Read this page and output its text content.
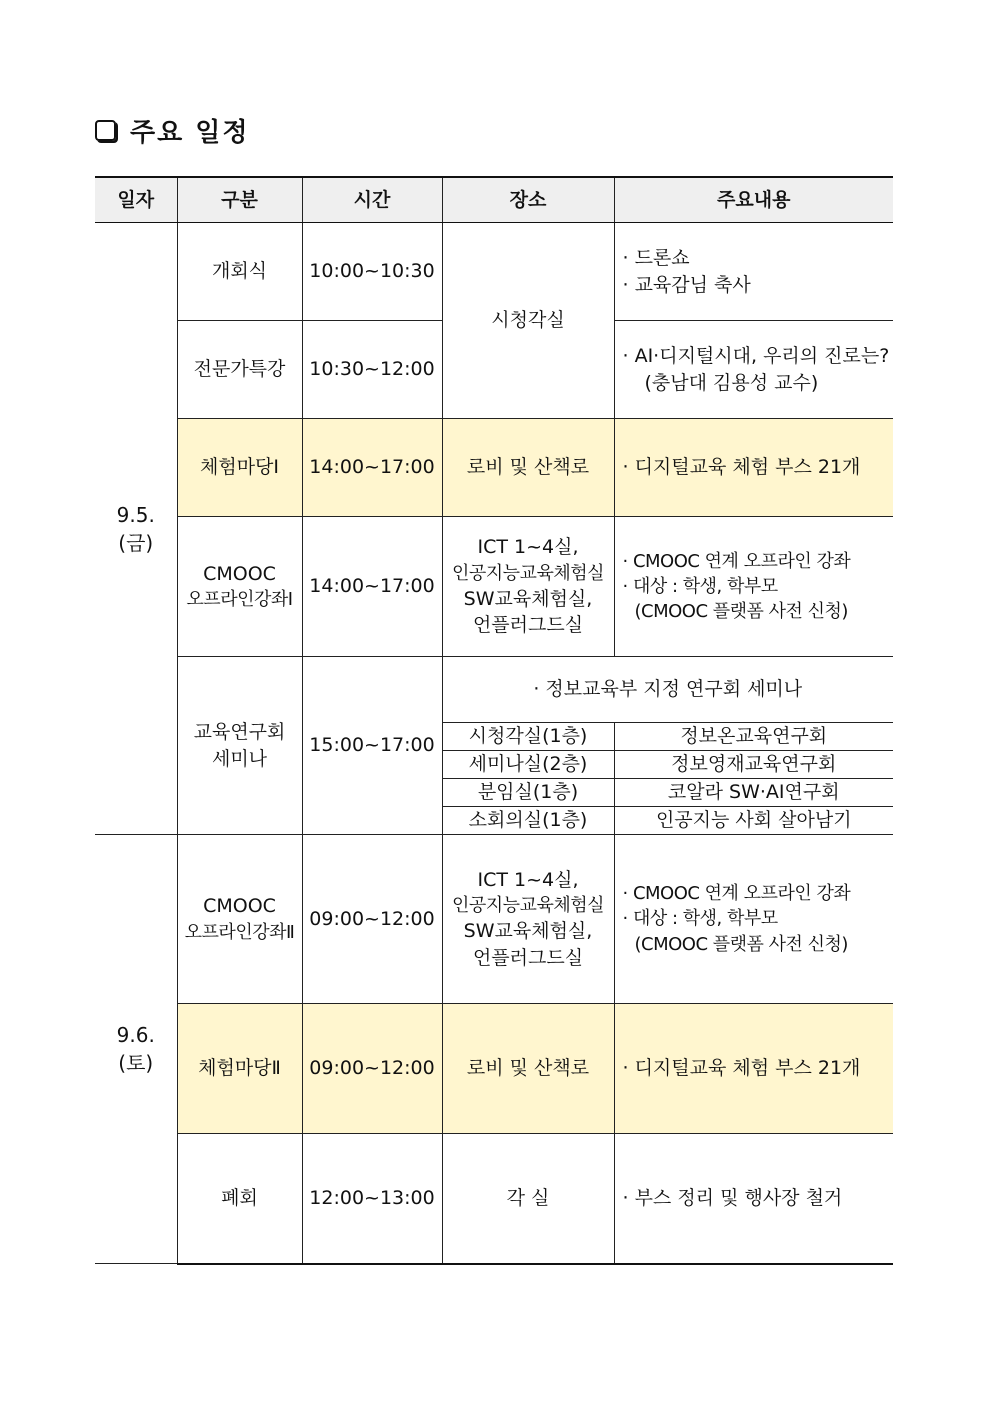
주요 일정
일자	구분	시간	장소	주요내용

9.5.
(금)	개회식	10:00~10:30	시청각실	· 드론쇼
· 교육감님 축사

	전문가특강	10:30~12:00		· AI·디지털시대, 우리의 진로는?
(충남대 김용성 교수)

	체험마당Ⅰ	14:00~17:00	로비 및 산책로	· 디지털교육 체험 부스 21개

	CMOOC
오프라인강좌Ⅰ	14:00~17:00	ICT 1~4실,
인공지능교육체험실
SW교육체험실,
언플러그드실	· CMOOC 연계 오프라인 강좌
· 대상 : 학생, 학부모
(CMOOC 플랫폼 사전 신청)

	교육연구회
세미나	15:00~17:00	· 정보교육부 지정 연구회 세미나	
			시청각실(1층)	정보온교육연구회
			세미나실(2층)	정보영재교육연구회
			분임실(1층)	코알라 SW·AI연구회
			소회의실(1층)	인공지능 사회 살아남기

9.6.
(토)	CMOOC
오프라인강좌Ⅱ	09:00~12:00	ICT 1~4실,
인공지능교육체험실
SW교육체험실,
언플러그드실	· CMOOC 연계 오프라인 강좌
· 대상 : 학생, 학부모
(CMOOC 플랫폼 사전 신청)

	체험마당Ⅱ	09:00~12:00	로비 및 산책로	· 디지털교육 체험 부스 21개
	폐회	12:00~13:00	각 실	· 부스 정리 및 행사장 철거
